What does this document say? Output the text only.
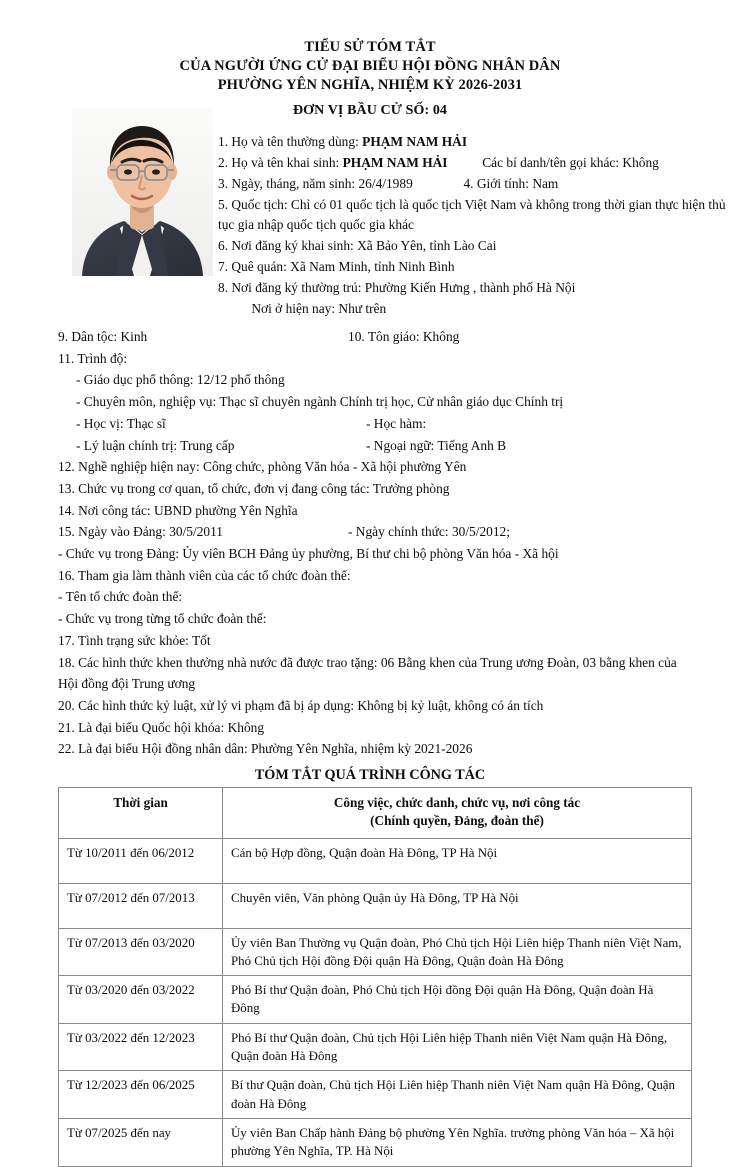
TIỂU SỬ TÓM TẮT
CỦA NGƯỜI ỨNG CỬ ĐẠI BIỂU HỘI ĐỒNG NHÂN DÂN
PHƯỜNG YÊN NGHĨA, NHIỆM KỲ 2026-2031
ĐƠN VỊ BẦU CỬ SỐ: 04
1. Họ và tên thường dùng: PHẠM NAM HẢI
2. Họ và tên khai sinh: PHẠM NAM HẢI	Các bí danh/tên gọi khác: Không
3. Ngày, tháng, năm sinh: 26/4/1989	4. Giới tính: Nam
5. Quốc tịch: Chỉ có 01 quốc tịch là quốc tịch Việt Nam và không trong thời gian thực hiện thủ tục gia nhập quốc tịch quốc gia khác
6. Nơi đăng ký khai sinh: Xã Bảo Yên, tỉnh Lào Cai
7. Quê quán: Xã Nam Minh, tỉnh Ninh Bình
8. Nơi đăng ký thường trú: Phường Kiến Hưng , thành phố Hà Nội
Nơi ở hiện nay: Như trên
9. Dân tộc: Kinh	10. Tôn giáo: Không
11. Trình độ:
- Giáo dục phổ thông: 12/12 phổ thông
- Chuyên môn, nghiệp vụ: Thạc sĩ chuyên ngành Chính trị học, Cử nhân giáo dục Chính trị
- Học vị: Thạc sĩ	- Học hàm:
- Lý luận chính trị: Trung cấp	- Ngoại ngữ: Tiếng Anh B
12. Nghề nghiệp hiện nay: Công chức, phòng Văn hóa - Xã hội phường Yên
13. Chức vụ trong cơ quan, tổ chức, đơn vị đang công tác: Trưởng phòng
14. Nơi công tác: UBND phường Yên Nghĩa
15. Ngày vào Đảng: 30/5/2011	- Ngày chính thức: 30/5/2012;
- Chức vụ trong Đảng: Ủy viên BCH Đảng ủy phường, Bí thư chi bộ phòng Văn hóa - Xã hội
16. Tham gia làm thành viên của các tổ chức đoàn thể:
- Tên tổ chức đoàn thể:
- Chức vụ trong từng tổ chức đoàn thể:
17. Tình trạng sức khỏe: Tốt
18. Các hình thức khen thưởng nhà nước đã được trao tặng: 06 Bằng khen của Trung ương Đoàn, 03 bằng khen của Hội đồng đội Trung ương
20. Các hình thức kỷ luật, xử lý vi phạm đã bị áp dụng: Không bị kỷ luật, không có án tích
21. Là đại biểu Quốc hội khóa: Không
22. Là đại biểu Hội đồng nhân dân: Phường Yên Nghĩa, nhiệm kỳ 2021-2026
TÓM TẮT QUÁ TRÌNH CÔNG TÁC
Thời gian	Công việc, chức danh, chức vụ, nơi công tác
(Chính quyền, Đảng, đoàn thể)

Từ 10/2011 đến 06/2012	Cán bộ Hợp đồng, Quận đoàn Hà Đông, TP Hà Nội
Từ 07/2012 đến 07/2013	Chuyên viên, Văn phòng Quận ủy Hà Đông, TP Hà Nội
Từ 07/2013 đến 03/2020	Ủy viên Ban Thường vụ Quận đoàn, Phó Chủ tịch Hội Liên hiệp Thanh niên Việt Nam, Phó Chủ tịch Hội đồng Đội quận Hà Đông, Quận đoàn Hà Đông
Từ 03/2020 đến 03/2022	Phó Bí thư Quận đoàn, Phó Chủ tịch Hội đồng Đội quận Hà Đông, Quận đoàn Hà Đông
Từ 03/2022 đến 12/2023	Phó Bí thư Quận đoàn, Chủ tịch Hội Liên hiệp Thanh niên Việt Nam quận Hà Đông, Quận đoàn Hà Đông
Từ 12/2023 đến 06/2025	Bí thư Quận đoàn, Chủ tịch Hội Liên hiệp Thanh niên Việt Nam quận Hà Đông, Quận đoàn Hà Đông
Từ 07/2025 đến nay	Ủy viên Ban Chấp hành Đảng bộ phường Yên Nghĩa. trưởng phòng Văn hóa – Xã hội phường Yên Nghĩa, TP. Hà Nội
